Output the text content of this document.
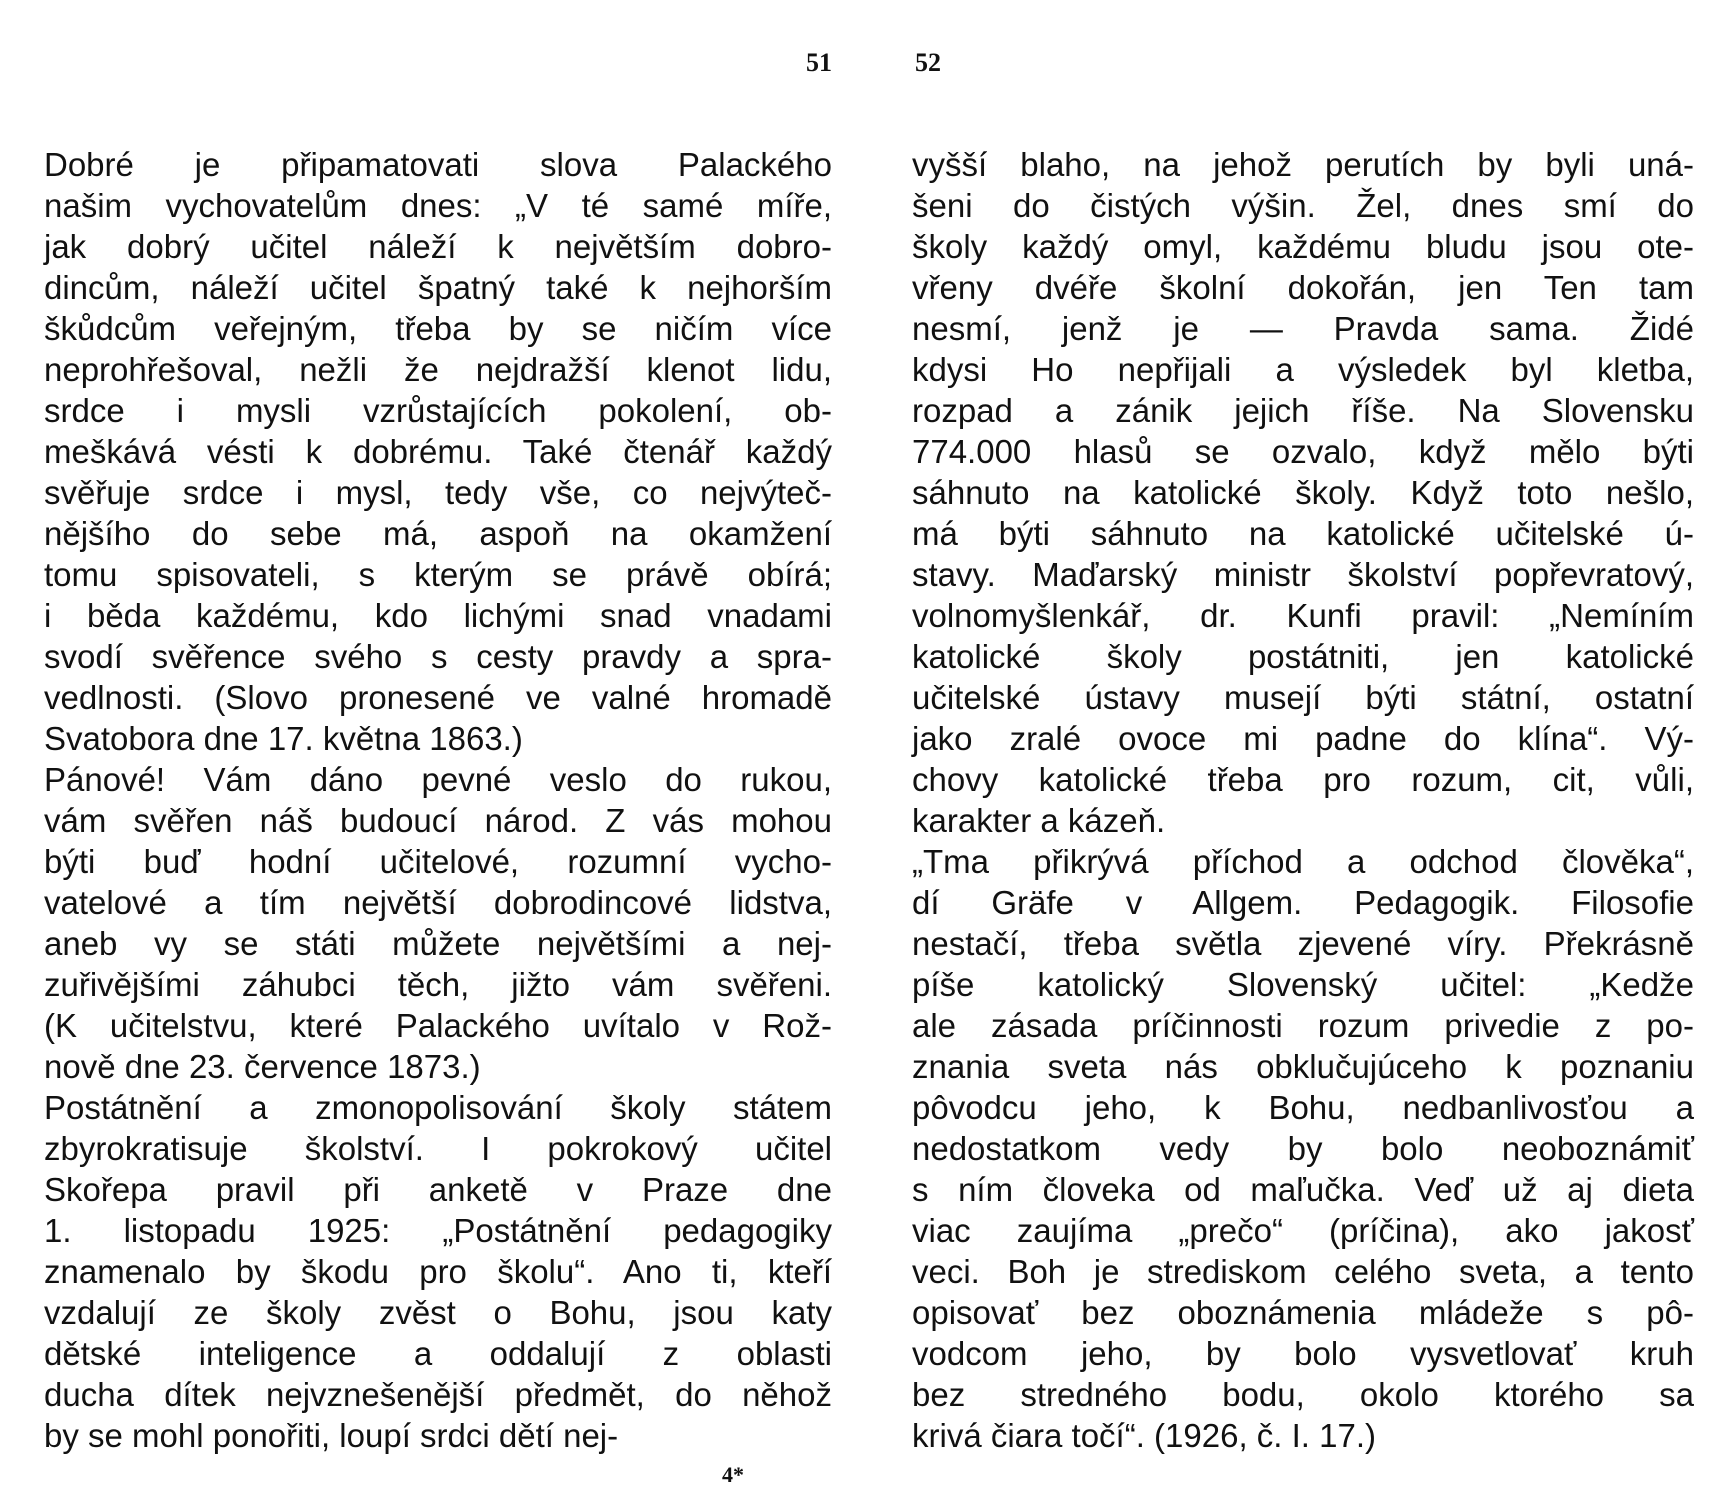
51	52
Dobré je připamatovati slova Palackého
našim vychovatelům dnes: „V té samé míře,
jak dobrý učitel náleží k největším dobro-
dincům, náleží učitel špatný také k nejhorším
škůdcům veřejným, třeba by se ničím více
neprohřešoval, nežli že nejdražší klenot lidu,
srdce i mysli vzrůstajících pokolení, ob-
meškává vésti k dobrému. Také čtenář každý
svěřuje srdce i mysl, tedy vše, co nejvýteč-
nějšího do sebe má, aspoň na okamžení
tomu spisovateli, s kterým se právě obírá;
i běda každému, kdo lichými snad vnadami
svodí svěřence svého s cesty pravdy a spra-
vedlnosti. (Slovo pronesené ve valné hromadě
Svatobora dne 17. května 1863.)
Pánové! Vám dáno pevné veslo do rukou,
vám svěřen náš budoucí národ. Z vás mohou
býti buď hodní učitelové, rozumní vycho-
vatelové a tím největší dobrodincové lidstva,
aneb vy se státi můžete největšími a nej-
zuřivějšími záhubci těch, jižto vám svěřeni.
(K učitelstvu, které Palackého uvítalo v Rož-
nově dne 23. července 1873.)
Postátnění a zmonopolisování školy státem
zbyrokratisuje školství. I pokrokový učitel
Skořepa pravil při anketě v Praze dne
1. listopadu 1925: „Postátnění pedagogiky
znamenalo by škodu pro školu“. Ano ti, kteří
vzdalují ze školy zvěst o Bohu, jsou katy
dětské inteligence a oddalují z oblasti
ducha dítek nejvznešenější předmět, do něhož
by se mohl ponořiti, loupí srdci dětí nej-
vyšší blaho, na jehož perutích by byli uná-
šeni do čistých výšin. Žel, dnes smí do
školy každý omyl, každému bludu jsou ote-
vřeny dvéře školní dokořán, jen Ten tam
nesmí, jenž je — Pravda sama. Židé
kdysi Ho nepřijali a výsledek byl kletba,
rozpad a zánik jejich říše. Na Slovensku
774.000 hlasů se ozvalo, když mělo býti
sáhnuto na katolické školy. Když toto nešlo,
má býti sáhnuto na katolické učitelské ú-
stavy. Maďarský ministr školství popřevratový,
volnomyšlenkář, dr. Kunfi pravil: „Nemíním
katolické školy postátniti, jen katolické
učitelské ústavy musejí býti státní, ostatní
jako zralé ovoce mi padne do klína“. Vý-
chovy katolické třeba pro rozum, cit, vůli,
karakter a kázeň.
„Tma přikrývá příchod a odchod člověka“,
dí Gräfe v Allgem. Pedagogik. Filosofie
nestačí, třeba světla zjevené víry. Překrásně
píše katolický Slovenský učitel: „Kedže
ale zásada príčinnosti rozum privedie z po-
znania sveta nás obklučujúceho k poznaniu
pôvodcu jeho, k Bohu, nedbanlivosťou a
nedostatkom vedy by bolo neoboznámiť
s ním človeka od maľučka. Veď už aj dieta
viac zaujíma „prečo“ (príčina), ako jakosť
veci. Boh je strediskom celého sveta, a tento
opisovať bez oboznámenia mládeže s pô-
vodcom jeho, by bolo vysvetlovať kruh
bez stredného bodu, okolo ktorého sa
krivá čiara točí“. (1926, č. I. 17.)
4*
